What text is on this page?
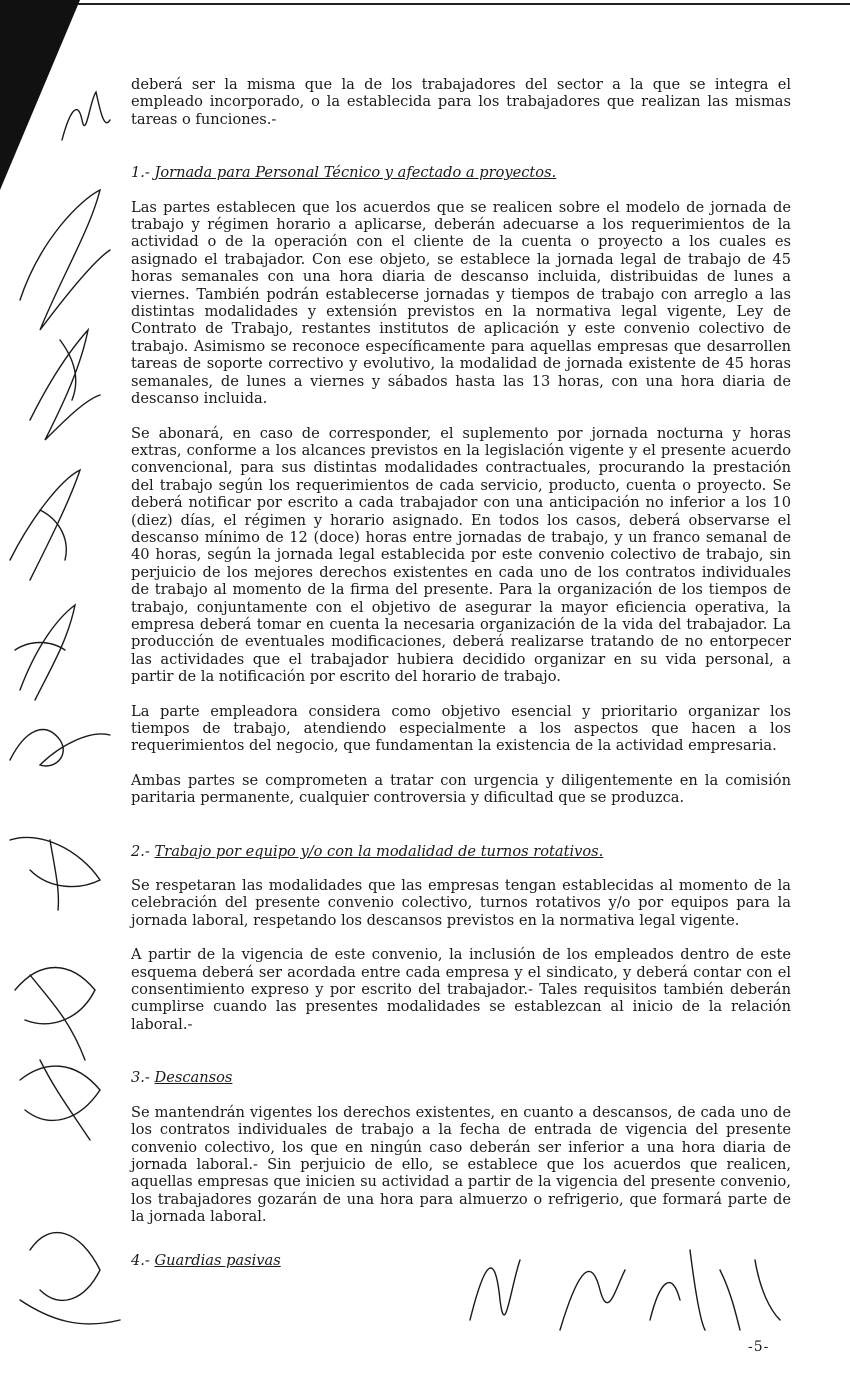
deberá ser la misma que la de los trabajadores del sector a la que se integra el empleado incorporado, o la establecida para los trabajadores que realizan las mismas tareas o funciones.-

1.- Jornada para Personal Técnico y afectado a proyectos.

Las partes establecen que los acuerdos que se realicen sobre el modelo de jornada de trabajo y régimen horario a aplicarse, deberán adecuarse a los requerimientos de la actividad o de la operación con el cliente de la cuenta o proyecto a los cuales es asignado el trabajador. Con ese objeto, se establece la jornada legal de trabajo de 45 horas semanales con una hora diaria de descanso incluida, distribuidas de lunes a viernes. También podrán establecerse jornadas y tiempos de trabajo con arreglo a las distintas modalidades y extensión previstos en la normativa legal vigente, Ley de Contrato de Trabajo, restantes institutos de aplicación y este convenio colectivo de trabajo. Asimismo se reconoce específicamente para aquellas empresas que desarrollen tareas de soporte correctivo y evolutivo, la modalidad de jornada existente de 45 horas semanales, de lunes a viernes y sábados hasta las 13 horas, con una hora diaria de descanso incluida.

Se abonará, en caso de corresponder, el suplemento por jornada nocturna y horas extras, conforme a los alcances previstos en la legislación vigente y el presente acuerdo convencional, para sus distintas modalidades contractuales, procurando la prestación del trabajo según los requerimientos de cada servicio, producto, cuenta o proyecto. Se deberá notificar por escrito a cada trabajador con una anticipación no inferior a los 10 (diez) días, el régimen y horario asignado. En todos los casos, deberá observarse el descanso mínimo de 12 (doce) horas entre jornadas de trabajo, y un franco semanal de 40 horas, según la jornada legal establecida por este convenio colectivo de trabajo, sin perjuicio de los mejores derechos existentes en cada uno de los contratos individuales de trabajo al momento de la firma del presente. Para la organización de los tiempos de trabajo, conjuntamente con el objetivo de asegurar la mayor eficiencia operativa, la empresa deberá tomar en cuenta la necesaria organización de la vida del trabajador. La producción de eventuales modificaciones, deberá realizarse tratando de no entorpecer las actividades que el trabajador hubiera decidido organizar en su vida personal, a partir de la notificación por escrito del horario de trabajo.

La parte empleadora considera como objetivo esencial y prioritario organizar los tiempos de trabajo, atendiendo especialmente a los aspectos que hacen a los requerimientos del negocio, que fundamentan la existencia de la actividad empresaria.

Ambas partes se comprometen a tratar con urgencia y diligentemente en la comisión paritaria permanente, cualquier controversia y dificultad que se produzca.

2.- Trabajo por equipo y/o con la modalidad de turnos rotativos.

Se respetaran las modalidades que las empresas tengan establecidas al momento de la celebración del presente convenio colectivo, turnos rotativos y/o por equipos para la jornada laboral, respetando los descansos previstos en la normativa legal vigente.

A partir de la vigencia de este convenio, la inclusión de los empleados dentro de este esquema deberá ser acordada entre cada empresa y el sindicato, y deberá contar con el consentimiento expreso y por escrito del trabajador.- Tales requisitos también deberán cumplirse cuando las presentes modalidades se establezcan al inicio de la relación laboral.-

3.- Descansos

Se mantendrán vigentes los derechos existentes, en cuanto a descansos, de cada uno de los contratos individuales de trabajo a la fecha de entrada de vigencia del presente convenio colectivo, los que en ningún caso deberán ser inferior a una hora diaria de jornada laboral.- Sin perjuicio de ello, se establece que los acuerdos que realicen, aquellas empresas que inicien su actividad a partir de la vigencia del presente convenio, los trabajadores gozarán de una hora para almuerzo o refrigerio, que formará parte de la jornada laboral.

4.- Guardias pasivas

-5-
